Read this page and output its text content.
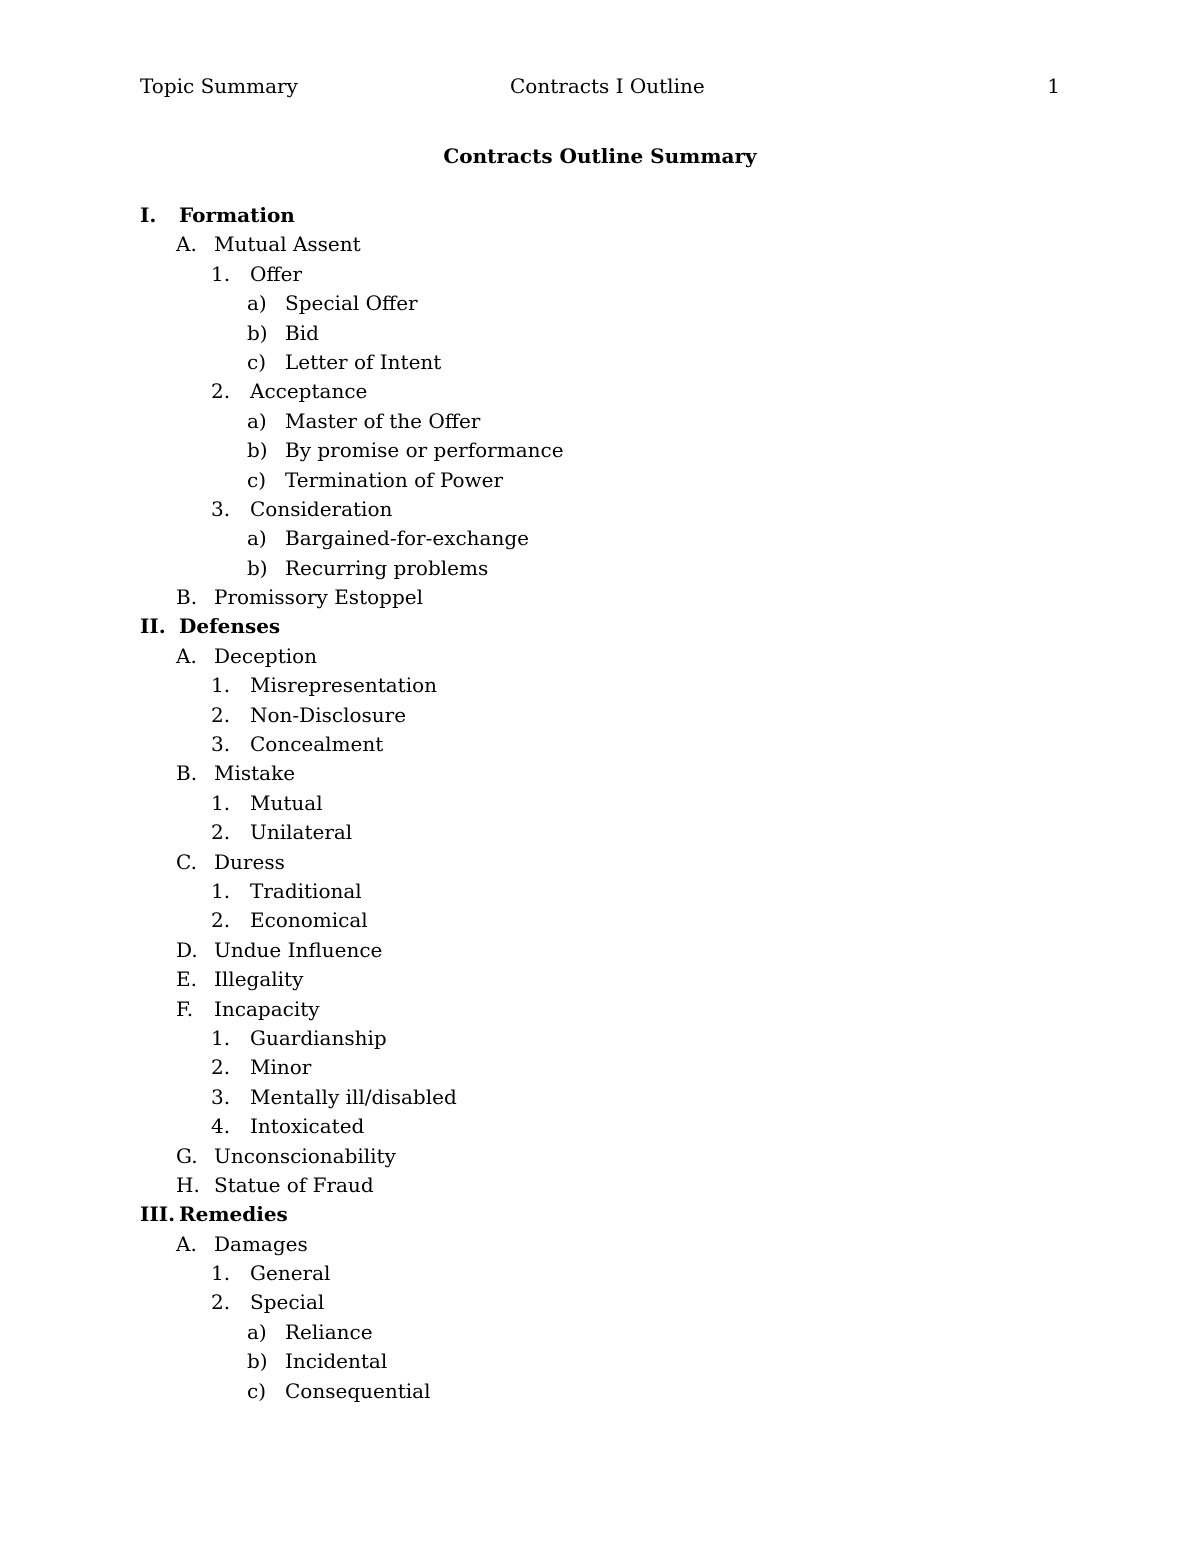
Topic Summary	Contracts I Outline	1
Contracts Outline Summary
I. Formation
A. Mutual Assent
1. Offer
a) Special Offer
b) Bid
c) Letter of Intent
2. Acceptance
a) Master of the Offer
b) By promise or performance
c) Termination of Power
3. Consideration
a) Bargained-for-exchange
b) Recurring problems
B. Promissory Estoppel
II. Defenses
A. Deception
1. Misrepresentation
2. Non-Disclosure
3. Concealment
B. Mistake
1. Mutual
2. Unilateral
C. Duress
1. Traditional
2. Economical
D. Undue Influence
E. Illegality
F. Incapacity
1. Guardianship
2. Minor
3. Mentally ill/disabled
4. Intoxicated
G. Unconscionability
H. Statue of Fraud
III. Remedies
A. Damages
1. General
2. Special
a) Reliance
b) Incidental
c) Consequential
